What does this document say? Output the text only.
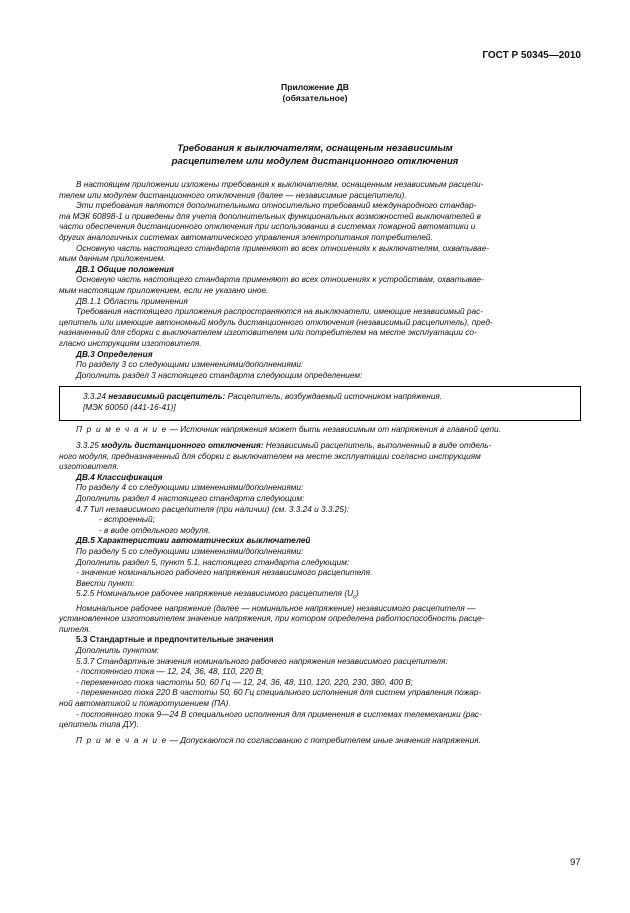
ГОСТ Р 50345—2010
Приложение ДВ
(обязательное)
Требования к выключателям, оснащеным независимым
расцепителем или модулем дистанционного отключения

В настоящем приложении изложены требования к выключателям, оснащенным независимым расцепи-

телем или модулем дистанционного отключения (далее — независимые расцепители).

Эти требования являются дополнительными относительно требований международного стандар-

та МЭК 60898-1 и приведены для учета дополнительных функциональных возможностей выключателей в

части обеспечения дистанционного отключения при использовании в системах пожарной автоматики и

других аналогичных системах автоматического управления электропитания потребителей.

Основную часть настоящего стандарта применяют во всех отношениях к выключателям, охватывае-

мым данным приложением.

ДВ.1 Общие положения

Основную часть настоящего стандарта применяют во всех отношениях к устройствам, охватывае-

мым настоящим приложением, если не указано иное.

ДВ.1.1 Область применения

Требования настоящего приложения распространяются на выключатели, имеющие независимый рас-

цепитель или имеющие автономный модуль дистанционного отключения (независимый расцепитель), пред-

назначенный для сборки с выключателем изготовителем или потребителем на месте эксплуатации со-

гласно инструкциям изготовителя.

ДВ.3 Определения

По разделу 3 со следующими изменениями/дополнениями:

Дополнить раздел 3 настоящего стандарта следующим определением:

3.3.24 независимый расцепитель: Расцепитель, возбуждаемый источником напряжения.

[МЭК 60050 (441-16-41)]

П р и м е ч а н и е — Источник напряжения может быть независимым от напряжения в главной цепи.

3.3.25 модуль дистанционного отключения: Независимый расцепитель, выполненный в виде отдель-

ного модуля, предназначенный для сборки с выключателем на месте эксплуатации согласно инструкциям

изготовителя.

ДВ.4 Классификация

По разделу 4 со следующими изменениями/дополнениями:

Дополнить раздел 4 настоящего стандарта следующим:

4.7 Тип независимого расцепителя (при наличии) (см. 3.3.24 и 3.3.25):

- встроенный;

- в виде отдельного модуля.

ДВ.5 Характеристики автоматических выключателей

По разделу 5 со следующими изменениями/дополнениями:

Дополнить раздел 5, пункт 5.1, настоящего стандарта следующим:

- значение номинального рабочего напряжения независимого расцепителя.

Ввести пункт:

5.2.5 Номинальное рабочее напряжение независимого расцепителя $(U_с)$

Номинальное рабочее напряжение (далее — номинальное напряжение) независимого расцепителя —

установленное изготовителем значение напряжения, при котором определена работоспособность расце-

пителя.

5.3 Стандартные и предпочтительные значения

Дополнить пунктом:

5.3.7 Стандартные значения номинального рабочего напряжения независимого расцепителя:

- постоянного тока — 12, 24, 36, 48, 110, 220 В;

- переменного тока частоты 50, 60 Гц — 12, 24, 36, 48, 110, 120, 220, 230, 380, 400 В;

- переменного тока 220 В частоты 50, 60 Гц специального исполнения для систем управления пожар-

ной автоматикой и пожаротушением (ПА).

- постоянного тока 9—24 В специального исполнения для применения в системах телемеханики (рас-

цепитель типа ДУ).

П р и м е ч а н и е — Допускаются по согласованию с потребителем иные значения напряжения.

97
